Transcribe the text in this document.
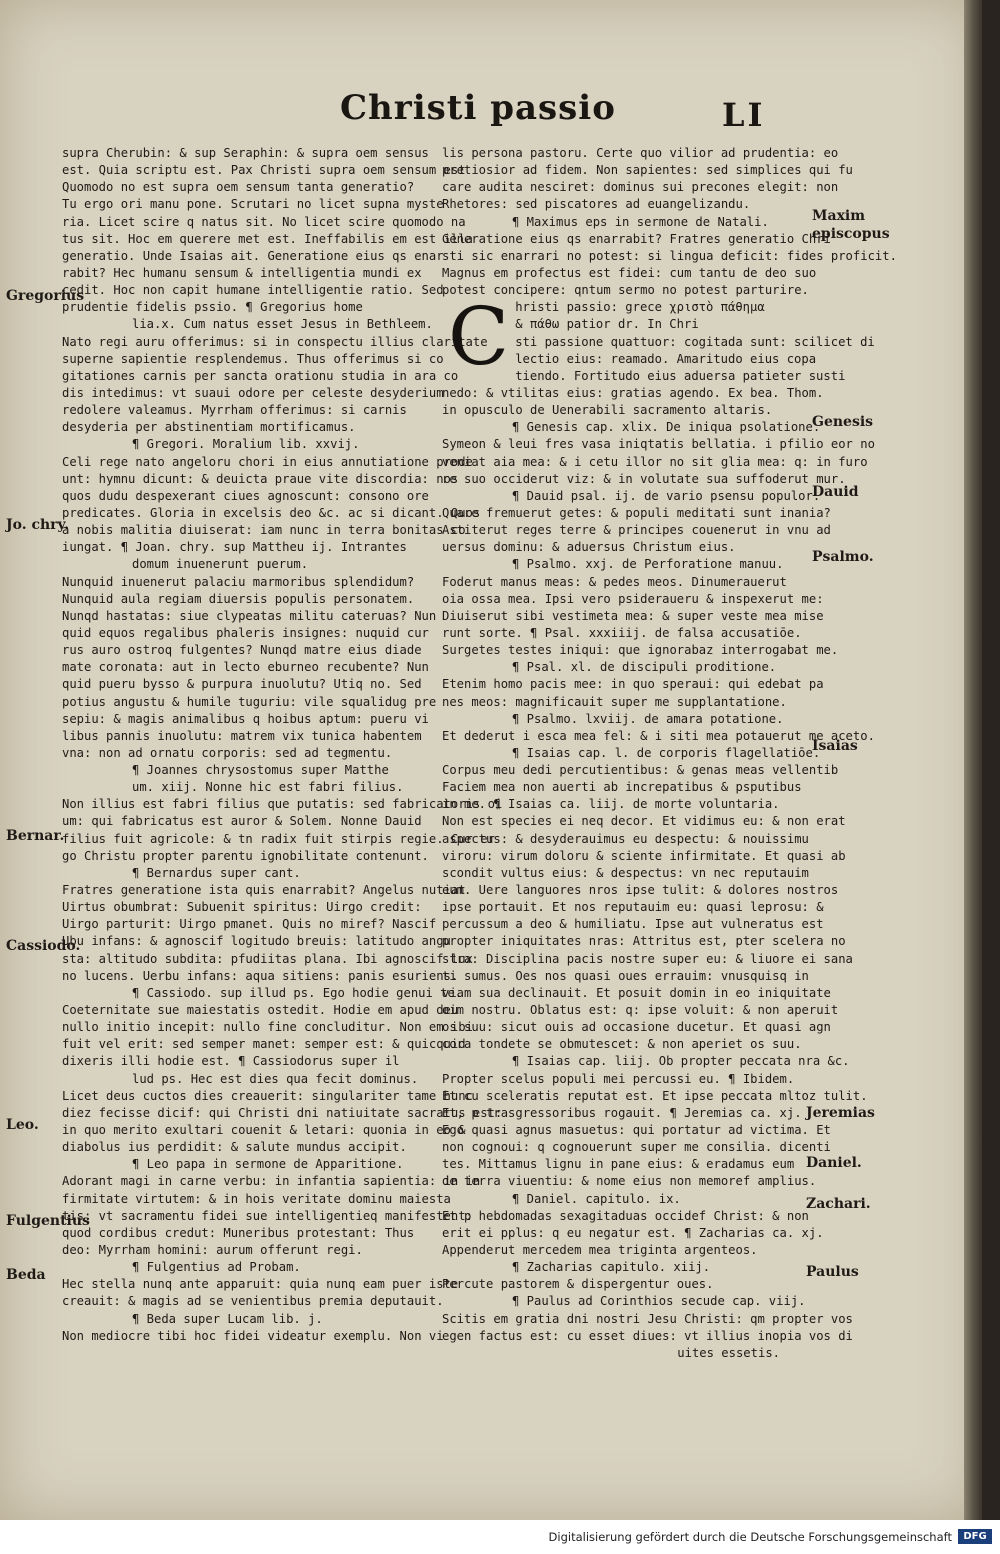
Christi passio	LI
supra Cherubin: & sup Seraphin: & supra oem sensus
est. Quia scriptu est. Pax Christi supra oem sensum est
Quomodo no est supra oem sensum tanta generatio?
Tu ergo ori manu pone. Scrutari no licet supna myste
ria. Licet scire q natus sit. No licet scire quomodo na
tus sit. Hoc em querere met est. Ineffabilis em est illa
generatio. Unde Isaias ait. Generatione eius qs enar
rabit? Hec humanu sensum & intelligentia mundi ex
cedit. Hoc non capit humane intelligentie ratio. Sed
prudentie fidelis pssio. ¶ Gregorius home
lia.x. Cum natus esset Jesus in Bethleem.
Nato regi auru offerimus: si in conspectu illius claritate
superne sapientie resplendemus. Thus offerimus si co
gitationes carnis per sancta orationu studia in ara co
dis intedimus: vt suaui odore per celeste desyderium
redolere valeamus. Myrrham offerimus: si carnis
desyderia per abstinentiam mortificamus.
¶ Gregori. Moralium lib. xxvij.
Celi rege nato angeloru chori in eius annutiatione prode
unt: hymnu dicunt: & deuicta praue vite discordia: nos
quos dudu despexerant ciues agnoscunt: consono ore
predicates. Gloria in excelsis deo &c. ac si dicant. Quos
a nobis malitia diuiserat: iam nunc in terra bonitas co
iungat. ¶ Joan. chry. sup Mattheu ij. Intrantes
domum inuenerunt puerum.
Nunquid inuenerut palaciu marmoribus splendidum?
Nunquid aula regiam diuersis populis personatem.
Nunqd hastatas: siue clypeatas militu cateruas? Nun
quid equos regalibus phaleris insignes: nuquid cur
rus auro ostroq fulgentes? Nunqd matre eius diade
mate coronata: aut in lecto eburneo recubente? Nun
quid pueru bysso & purpura inuolutu? Utiq no. Sed
potius angustu & humile tuguriu: vile squalidug pre
sepiu: & magis animalibus q hoibus aptum: pueru vi
libus pannis inuolutu: matrem vix tunica habentem
vna: non ad ornatu corporis: sed ad tegmentu.
¶ Joannes chrysostomus super Matthe
um. xiij. Nonne hic est fabri filius.
Non illius est fabri filius que putatis: sed fabricatoris oi
um: qui fabricatus est auror & Solem. Nonne Dauid
filius fuit agricole: & tn radix fuit stirpis regie. Cur er
go Christu propter parentu ignobilitate contenunt.
¶ Bernardus super cant.
Fratres generatione ista quis enarrabit? Angelus nutiat
Uirtus obumbrat: Subuenit spiritus: Uirgo credit:
Uirgo parturit: Uirgo pmanet. Quis no miref? Nascif
Ubu infans: & agnoscif logitudo breuis: latitudo angu
sta: altitudo subdita: pfudiitas plana. Ibi agnoscif lux
no lucens. Uerbu infans: aqua sitiens: panis esuriens.
¶ Cassiodo. sup illud ps. Ego hodie genui te.
Coeternitate sue maiestatis ostedit. Hodie em apud deu
nullo initio incepit: nullo fine concluditur. Non em ibi
fuit vel erit: sed semper manet: semper est: & quicquid
dixeris illi hodie est. ¶ Cassiodorus super il
lud ps. Hec est dies qua fecit dominus.
Licet deus cuctos dies creauerit: singulariter tame hunc
diez fecisse dicif: qui Christi dni natiuitate sacratus est:
in quo merito exultari couenit & letari: quonia in eo &
diabolus ius perdidit: & salute mundus accipit.
¶ Leo papa in sermone de Apparitione.
Adorant magi in carne verbu: in infantia sapientia: in in
firmitate virtutem: & in hois veritate dominu maiesta
tis: vt sacramentu fidei sue intelligentieq manifestent:
quod cordibus credut: Muneribus protestant: Thus
deo: Myrrham homini: aurum offerunt regi.
¶ Fulgentius ad Probam.
Hec stella nunq ante apparuit: quia nunq eam puer iste
creauit: & magis ad se venientibus premia deputauit.
¶ Beda super Lucam lib. j.
Non mediocre tibi hoc fidei videatur exemplu. Non vi
lis persona pastoru. Certe quo vilior ad prudentia: eo
pretiosior ad fidem. Non sapientes: sed simplices qui fu
care audita nesciret: dominus sui precones elegit: non
Rhetores: sed piscatores ad euangelizandu.
¶ Maximus eps in sermone de Natali.
Generatione eius qs enarrabit? Fratres generatio Chri
sti sic enarrari no potest: si lingua deficit: fides proficit.
Magnus em profectus est fidei: cum tantu de deo suo
potest concipere: qntum sermo no potest parturire.
C hristi passio: grece χριστὸ πάθημα
& πάθω patior dr. In Chri
sti passione quattuor: cogitada sunt: scilicet di
lectio eius: reamado. Amaritudo eius copa
tiendo. Fortitudo eius aduersa patieter susti
nedo: & vtilitas eius: gratias agendo. Ex bea. Thom.
in opusculo de Uenerabili sacramento altaris.
¶ Genesis cap. xlix. De iniqua psolatione.
Symeon & leui fres vasa iniqtatis bellatia. i pfilio eor no
veniat aia mea: & i cetu illor no sit glia mea: q: in furo
re suo occiderut viz: & in volutate sua suffoderut mur.
¶ Dauid psal. ij. de vario psensu populor.
Quare fremuerut getes: & populi meditati sunt inania?
Astiterut reges terre & principes couenerut in vnu ad
uersus dominu: & aduersus Christum eius.
¶ Psalmo. xxj. de Perforatione manuu.
Foderut manus meas: & pedes meos. Dinumerauerut
oia ossa mea. Ipsi vero psideraueru & inspexerut me:
Diuiserut sibi vestimeta mea: & super veste mea mise
runt sorte. ¶ Psal. xxxiiij. de falsa accusatiōe.
Surgetes testes iniqui: que ignorabaz interrogabat me.
¶ Psal. xl. de discipuli proditione.
Etenim homo pacis mee: in quo speraui: qui edebat pa
nes meos: magnificauit super me supplantatione.
¶ Psalmo. lxviij. de amara potatione.
Et dederut i esca mea fel: & i siti mea potauerut me aceto.
¶ Isaias cap. l. de corporis flagellatiōe.
Corpus meu dedi percutientibus: & genas meas vellentib
Faciem mea non auerti ab increpatibus & psputibus
in me. ¶ Isaias ca. liij. de morte voluntaria.
Non est species ei neq decor. Et vidimus eu: & non erat
aspectus: & desyderauimus eu despectu: & nouissimu
viroru: virum doloru & sciente infirmitate. Et quasi ab
scondit vultus eius: & despectus: vn nec reputauim
eum. Uere languores nros ipse tulit: & dolores nostros
ipse portauit. Et nos reputauim eu: quasi leprosu: &
percussum a deo & humiliatu. Ipse aut vulneratus est
propter iniquitates nras: Attritus est, pter scelera no
stra: Disciplina pacis nostre super eu: & liuore ei sana
ti sumus. Oes nos quasi oues errauim: vnusquisq in
viam sua declinauit. Et posuit domin in eo iniquitate
oim nostru. Oblatus est: q: ipse voluit: & non aperuit
os suu: sicut ouis ad occasione ducetur. Et quasi agn
cora tondete se obmutescet: & non aperiet os suu.
¶ Isaias cap. liij. Ob propter peccata nra &c.
Propter scelus populi mei percussi eu. ¶ Ibidem.
Et cu sceleratis reputat est. Et ipse peccata mltoz tulit.
Et, p trasgressoribus rogauit. ¶ Jeremias ca. xj.
Ego quasi agnus masuetus: qui portatur ad victima. Et
non cognoui: q cognouerunt super me consilia. dicenti
tes. Mittamus lignu in pane eius: & eradamus eum
de terra viuentiu: & nome eius non memoref amplius.
¶ Daniel. capitulo. ix.
Et p hebdomadas sexagitaduas occidef Christ: & non
erit ei pplus: q eu negatur est. ¶ Zacharias ca. xj.
Appenderut mercedem mea triginta argenteos.
¶ Zacharias capitulo. xiij.
Percute pastorem & dispergentur oues.
¶ Paulus ad Corinthios secude cap. viij.
Scitis em gratia dni nostri Jesu Christi: qm propter vos
egen factus est: cu esset diues: vt illius inopia vos di
uites essetis.
Gregorius
Jo. chry.
Bernar.
Cassiodo.
Leo.
Fulgentius
Beda
Maxim
episcopus
Genesis
Dauid
Psalmo.
Isaias
Jeremias
Daniel.
Zachari.
Paulus
Digitalisierung gefördert durch die Deutsche Forschungsgemeinschaft	DFG
